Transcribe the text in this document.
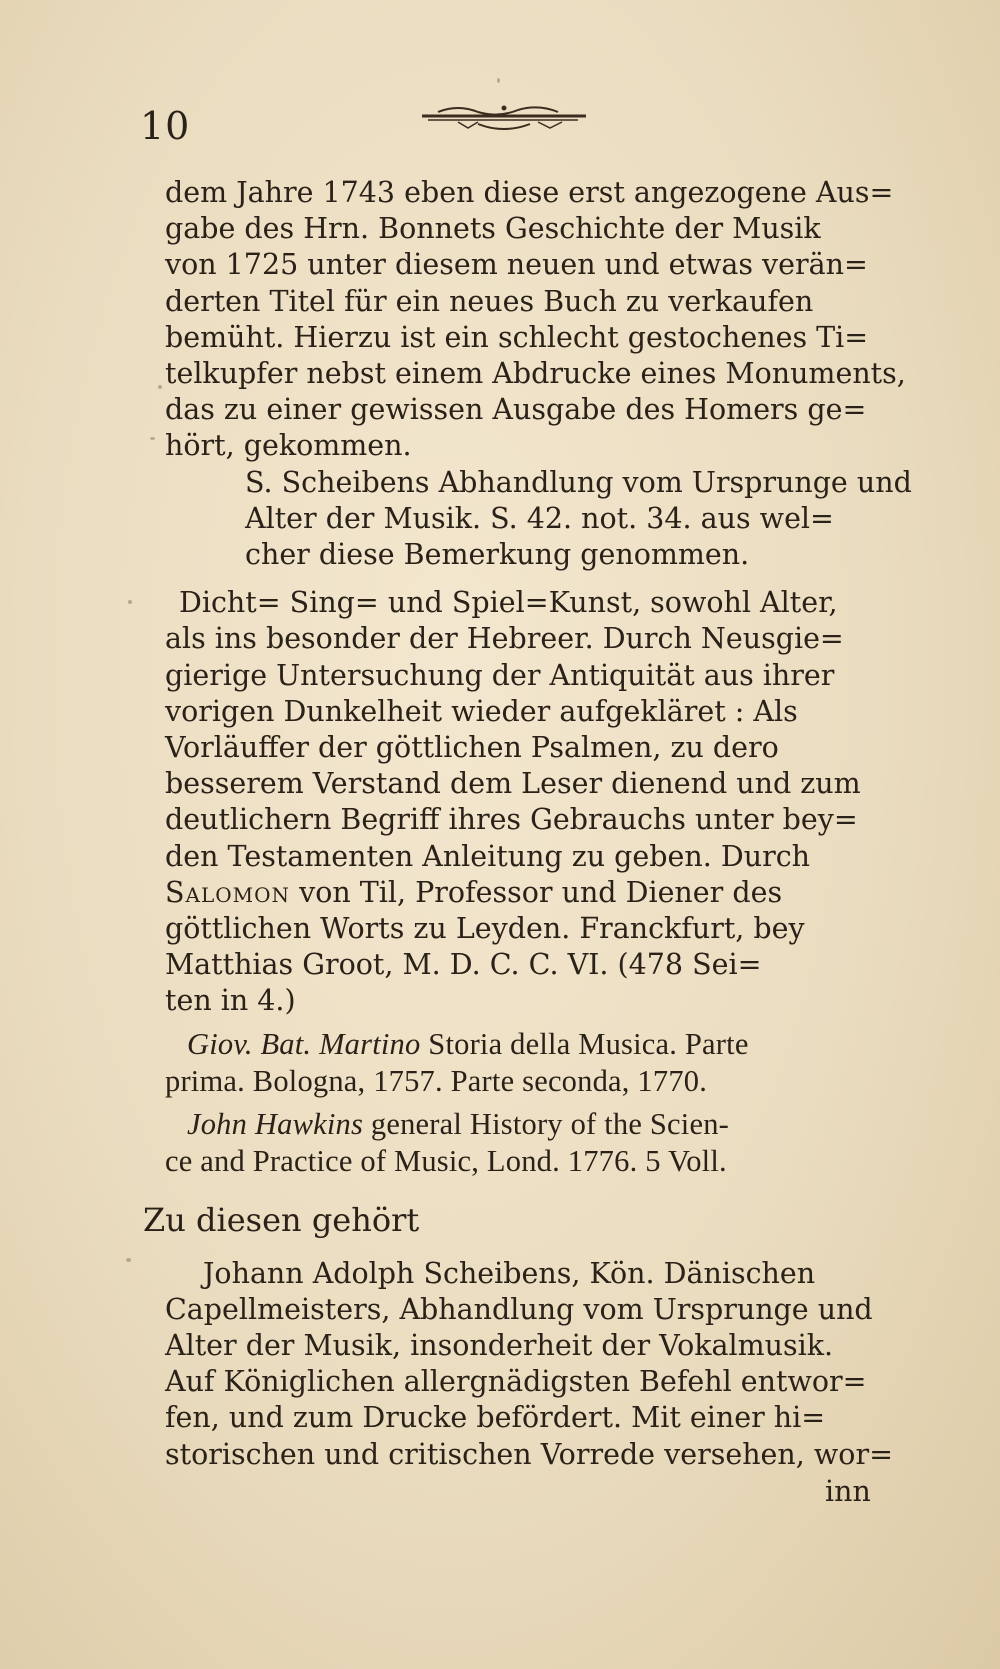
10

dem Jahre 1743 eben diese erst angezogene Aus=

gabe des Hrn. Bonnets Geschichte der Musik

von 1725 unter diesem neuen und etwas verän=

derten Titel für ein neues Buch zu verkaufen

bemüht. Hierzu ist ein schlecht gestochenes Ti=

telkupfer nebst einem Abdrucke eines Monuments,

das zu einer gewissen Ausgabe des Homers ge=

hört, gekommen.

S. Scheibens Abhandlung vom Ursprunge und

Alter der Musik. S. 42. not. 34. aus wel=

cher diese Bemerkung genommen.

Dicht= Sing= und Spiel=Kunst, sowohl Alter,

als ins besonder der Hebreer. Durch Neusgie=

gierige Untersuchung der Antiquität aus ihrer

vorigen Dunkelheit wieder aufgekläret : Als

Vorläuffer der göttlichen Psalmen, zu dero

besserem Verstand dem Leser dienend und zum

deutlichern Begriff ihres Gebrauchs unter bey=

den Testamenten Anleitung zu geben. Durch

Salomon von Til, Professor und Diener des

göttlichen Worts zu Leyden. Franckfurt, bey

Matthias Groot, M. D. C. C. VI. (478 Sei=

ten in 4.)

Giov. Bat. Martino Storia della Musica. Parte

prima. Bologna, 1757. Parte seconda, 1770.

John Hawkins general History of the Scien-

ce and Practice of Music, Lond. 1776. 5 Voll.

Zu diesen gehört

Johann Adolph Scheibens, Kön. Dänischen

Capellmeisters, Abhandlung vom Ursprunge und

Alter der Musik, insonderheit der Vokalmusik.

Auf Königlichen allergnädigsten Befehl entwor=

fen, und zum Drucke befördert. Mit einer hi=

storischen und critischen Vorrede versehen, wor=

inn
